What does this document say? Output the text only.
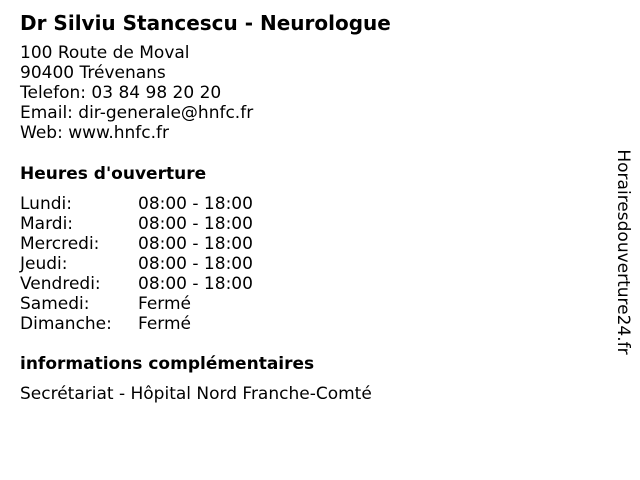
Dr Silviu Stancescu - Neurologue
100 Route de Moval
90400 Trévenans
Telefon: 03 84 98 20 20
Email: dir-generale@hnfc.fr
Web: www.hnfc.fr
Heures d'ouverture
Lundi:	08:00 - 18:00
Mardi:	08:00 - 18:00
Mercredi:	08:00 - 18:00
Jeudi:	08:00 - 18:00
Vendredi:	08:00 - 18:00
Samedi:	Fermé
Dimanche:	Fermé
informations complémentaires
Secrétariat - Hôpital Nord Franche-Comté
Horairesdouverture24.fr
